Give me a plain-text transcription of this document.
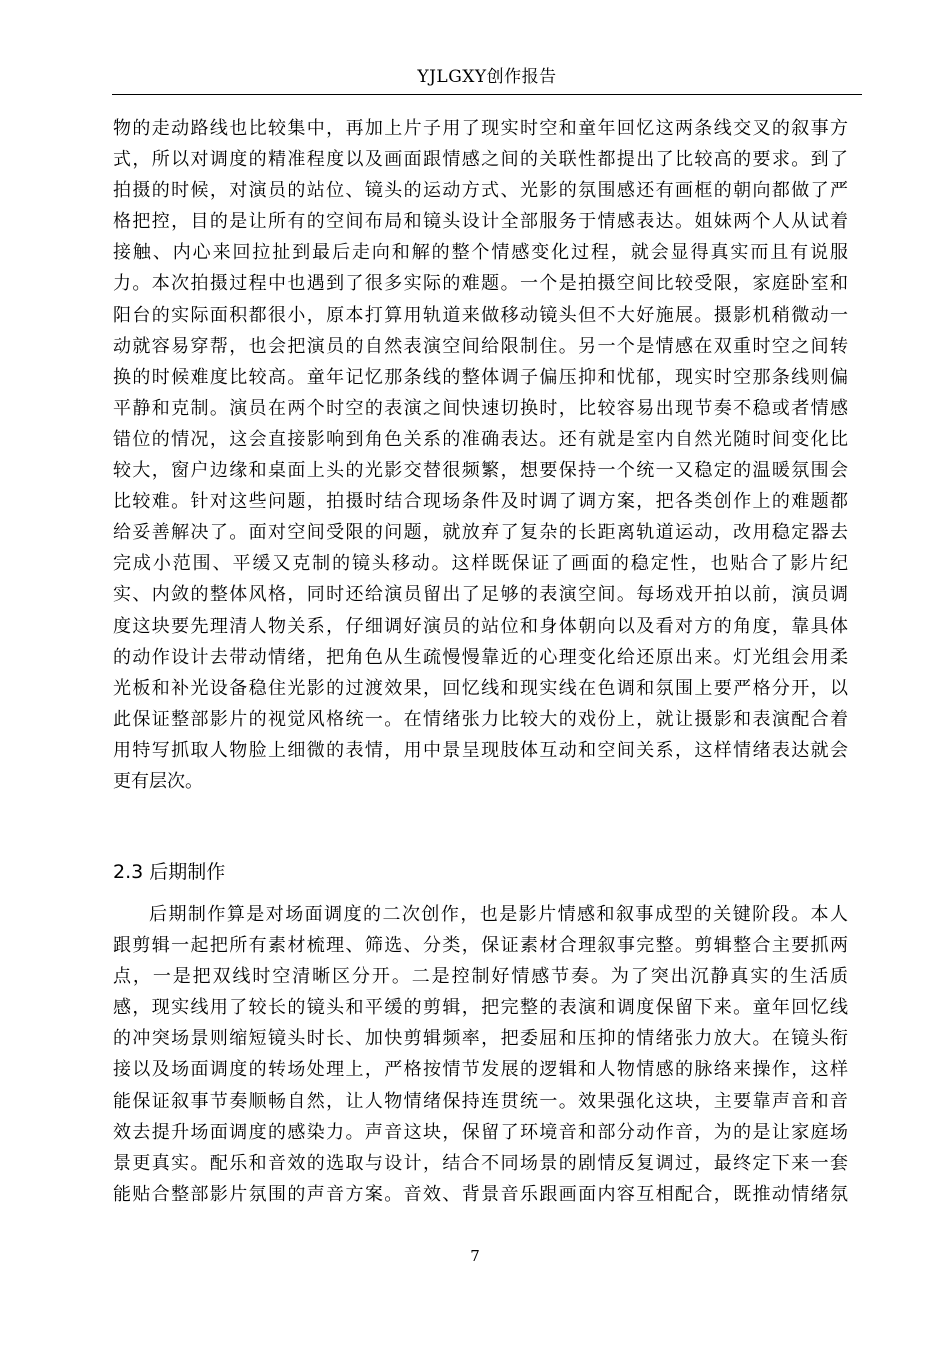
YJLGXY创作报告
物的走动路线也比较集中，再加上片子用了现实时空和童年回忆这两条线交叉的叙事方
式，所以对调度的精准程度以及画面跟情感之间的关联性都提出了比较高的要求。到了
拍摄的时候，对演员的站位、镜头的运动方式、光影的氛围感还有画框的朝向都做了严
格把控，目的是让所有的空间布局和镜头设计全部服务于情感表达。姐妹两个人从试着
接触、内心来回拉扯到最后走向和解的整个情感变化过程，就会显得真实而且有说服
力。本次拍摄过程中也遇到了很多实际的难题。一个是拍摄空间比较受限，家庭卧室和
阳台的实际面积都很小，原本打算用轨道来做移动镜头但不大好施展。摄影机稍微动一
动就容易穿帮，也会把演员的自然表演空间给限制住。另一个是情感在双重时空之间转
换的时候难度比较高。童年记忆那条线的整体调子偏压抑和忧郁，现实时空那条线则偏
平静和克制。演员在两个时空的表演之间快速切换时，比较容易出现节奏不稳或者情感
错位的情况，这会直接影响到角色关系的准确表达。还有就是室内自然光随时间变化比
较大，窗户边缘和桌面上头的光影交替很频繁，想要保持一个统一又稳定的温暖氛围会
比较难。针对这些问题，拍摄时结合现场条件及时调了调方案，把各类创作上的难题都
给妥善解决了。面对空间受限的问题，就放弃了复杂的长距离轨道运动，改用稳定器去
完成小范围、平缓又克制的镜头移动。这样既保证了画面的稳定性，也贴合了影片纪
实、内敛的整体风格，同时还给演员留出了足够的表演空间。每场戏开拍以前，演员调
度这块要先理清人物关系，仔细调好演员的站位和身体朝向以及看对方的角度，靠具体
的动作设计去带动情绪，把角色从生疏慢慢靠近的心理变化给还原出来。灯光组会用柔
光板和补光设备稳住光影的过渡效果，回忆线和现实线在色调和氛围上要严格分开，以
此保证整部影片的视觉风格统一。在情绪张力比较大的戏份上，就让摄影和表演配合着
用特写抓取人物脸上细微的表情，用中景呈现肢体互动和空间关系，这样情绪表达就会
更有层次。
2.3 后期制作
后期制作算是对场面调度的二次创作，也是影片情感和叙事成型的关键阶段。本人
跟剪辑一起把所有素材梳理、筛选、分类，保证素材合理叙事完整。剪辑整合主要抓两
点，一是把双线时空清晰区分开。二是控制好情感节奏。为了突出沉静真实的生活质
感，现实线用了较长的镜头和平缓的剪辑，把完整的表演和调度保留下来。童年回忆线
的冲突场景则缩短镜头时长、加快剪辑频率，把委屈和压抑的情绪张力放大。在镜头衔
接以及场面调度的转场处理上，严格按情节发展的逻辑和人物情感的脉络来操作，这样
能保证叙事节奏顺畅自然，让人物情绪保持连贯统一。效果强化这块，主要靠声音和音
效去提升场面调度的感染力。声音这块，保留了环境音和部分动作音，为的是让家庭场
景更真实。配乐和音效的选取与设计，结合不同场景的剧情反复调过，最终定下来一套
能贴合整部影片氛围的声音方案。音效、背景音乐跟画面内容互相配合，既推动情绪氛
7
